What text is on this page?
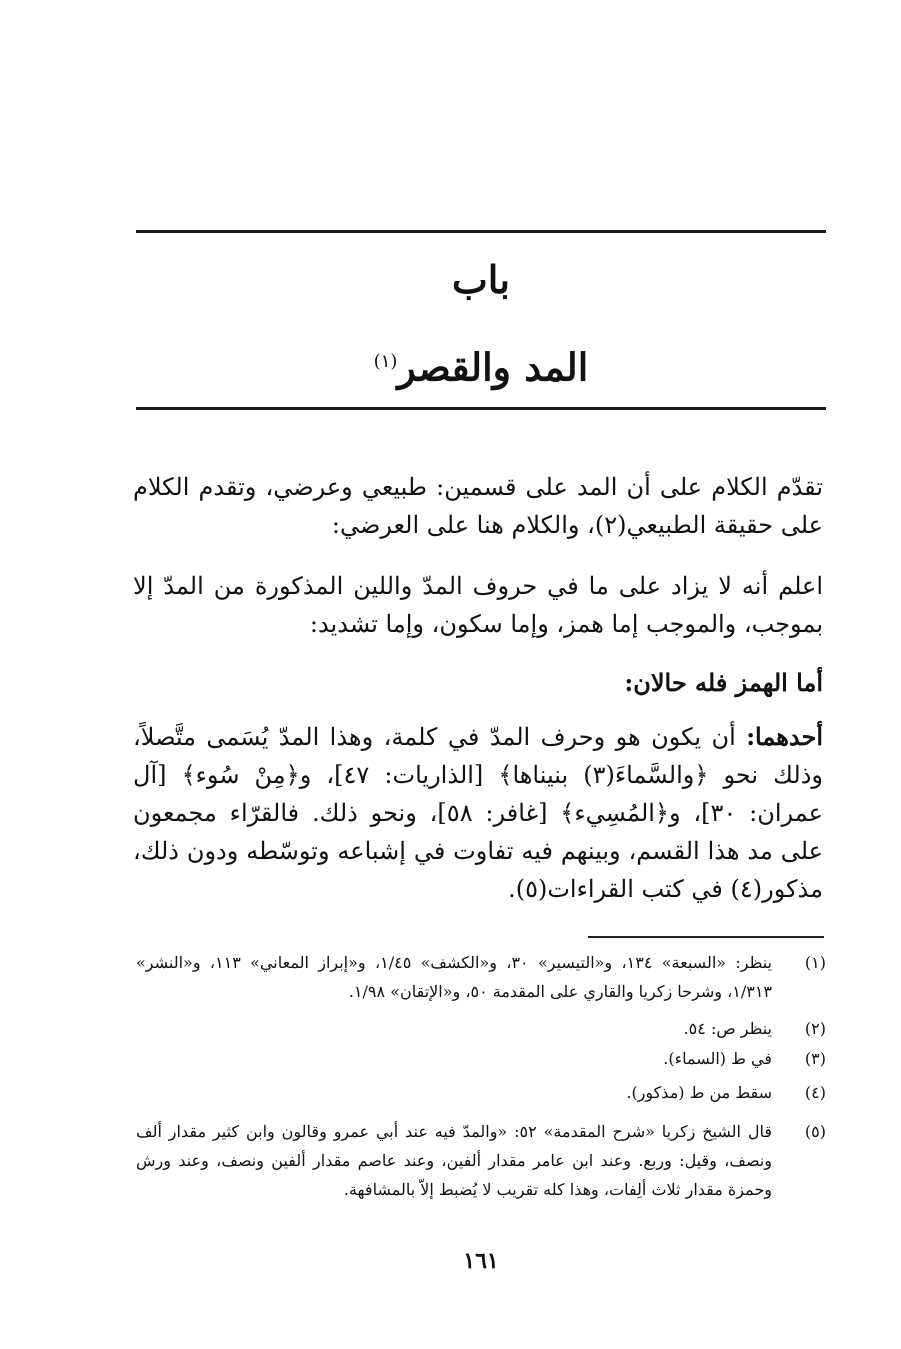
باب
المد والقصر$^{(١)}$
تقدّم الكلام على أن المد على قسمين: طبيعي وعرضي، وتقدم الكلام على حقيقة الطبيعي(٢)، والكلام هنا على العرضي:
اعلم أنه لا يزاد على ما في حروف المدّ واللين المذكورة من المدّ إلا بموجب، والموجب إما همز، وإما سكون، وإما تشديد:
أما الهمز فله حالان:
أحدهما: أن يكون هو وحرف المدّ في كلمة، وهذا المدّ يُسَمى متَّصلاً، وذلك نحو ﴿والسَّماءَ(٣) بنيناها﴾ [الذاريات: ٤٧]، و﴿مِنْ سُوء﴾ [آل عمران: ٣٠]، و﴿المُسِيء﴾ [غافر: ٥٨]، ونحو ذلك. فالقرّاء مجمعون على مد هذا القسم، وبينهم فيه تفاوت في إشباعه وتوسّطه ودون ذلك، مذكور(٤) في كتب القراءات(٥).
(١)
ينظر: «السبعة» ١٣٤، و«التيسير» ٣٠، و«الكشف» ١/٤٥، و«إبراز المعاني» ١١٣، و«النشر» ١/٣١٣، وشرحا زكريا والقاري على المقدمة ٥٠، و«الإتقان» ١/٩٨.
(٢)
ينظر ص: ٥٤.
(٣)
في ط (السماء).
(٤)
سقط من ط (مذكور).
(٥)
قال الشيخ زكريا «شرح المقدمة» ٥٢: «والمدّ فيه عند أبي عمرو وقالون وابن كثير مقدار ألف ونصف، وقيل: وربع. وعند ابن عامر مقدار ألفين، وعند عاصم مقدار ألفين ونصف، وعند ورش وحمزة مقدار ثلاث ألِفات، وهذا كله تقريب لا يُضبط إلاّ بالمشافهة.
١٦١
